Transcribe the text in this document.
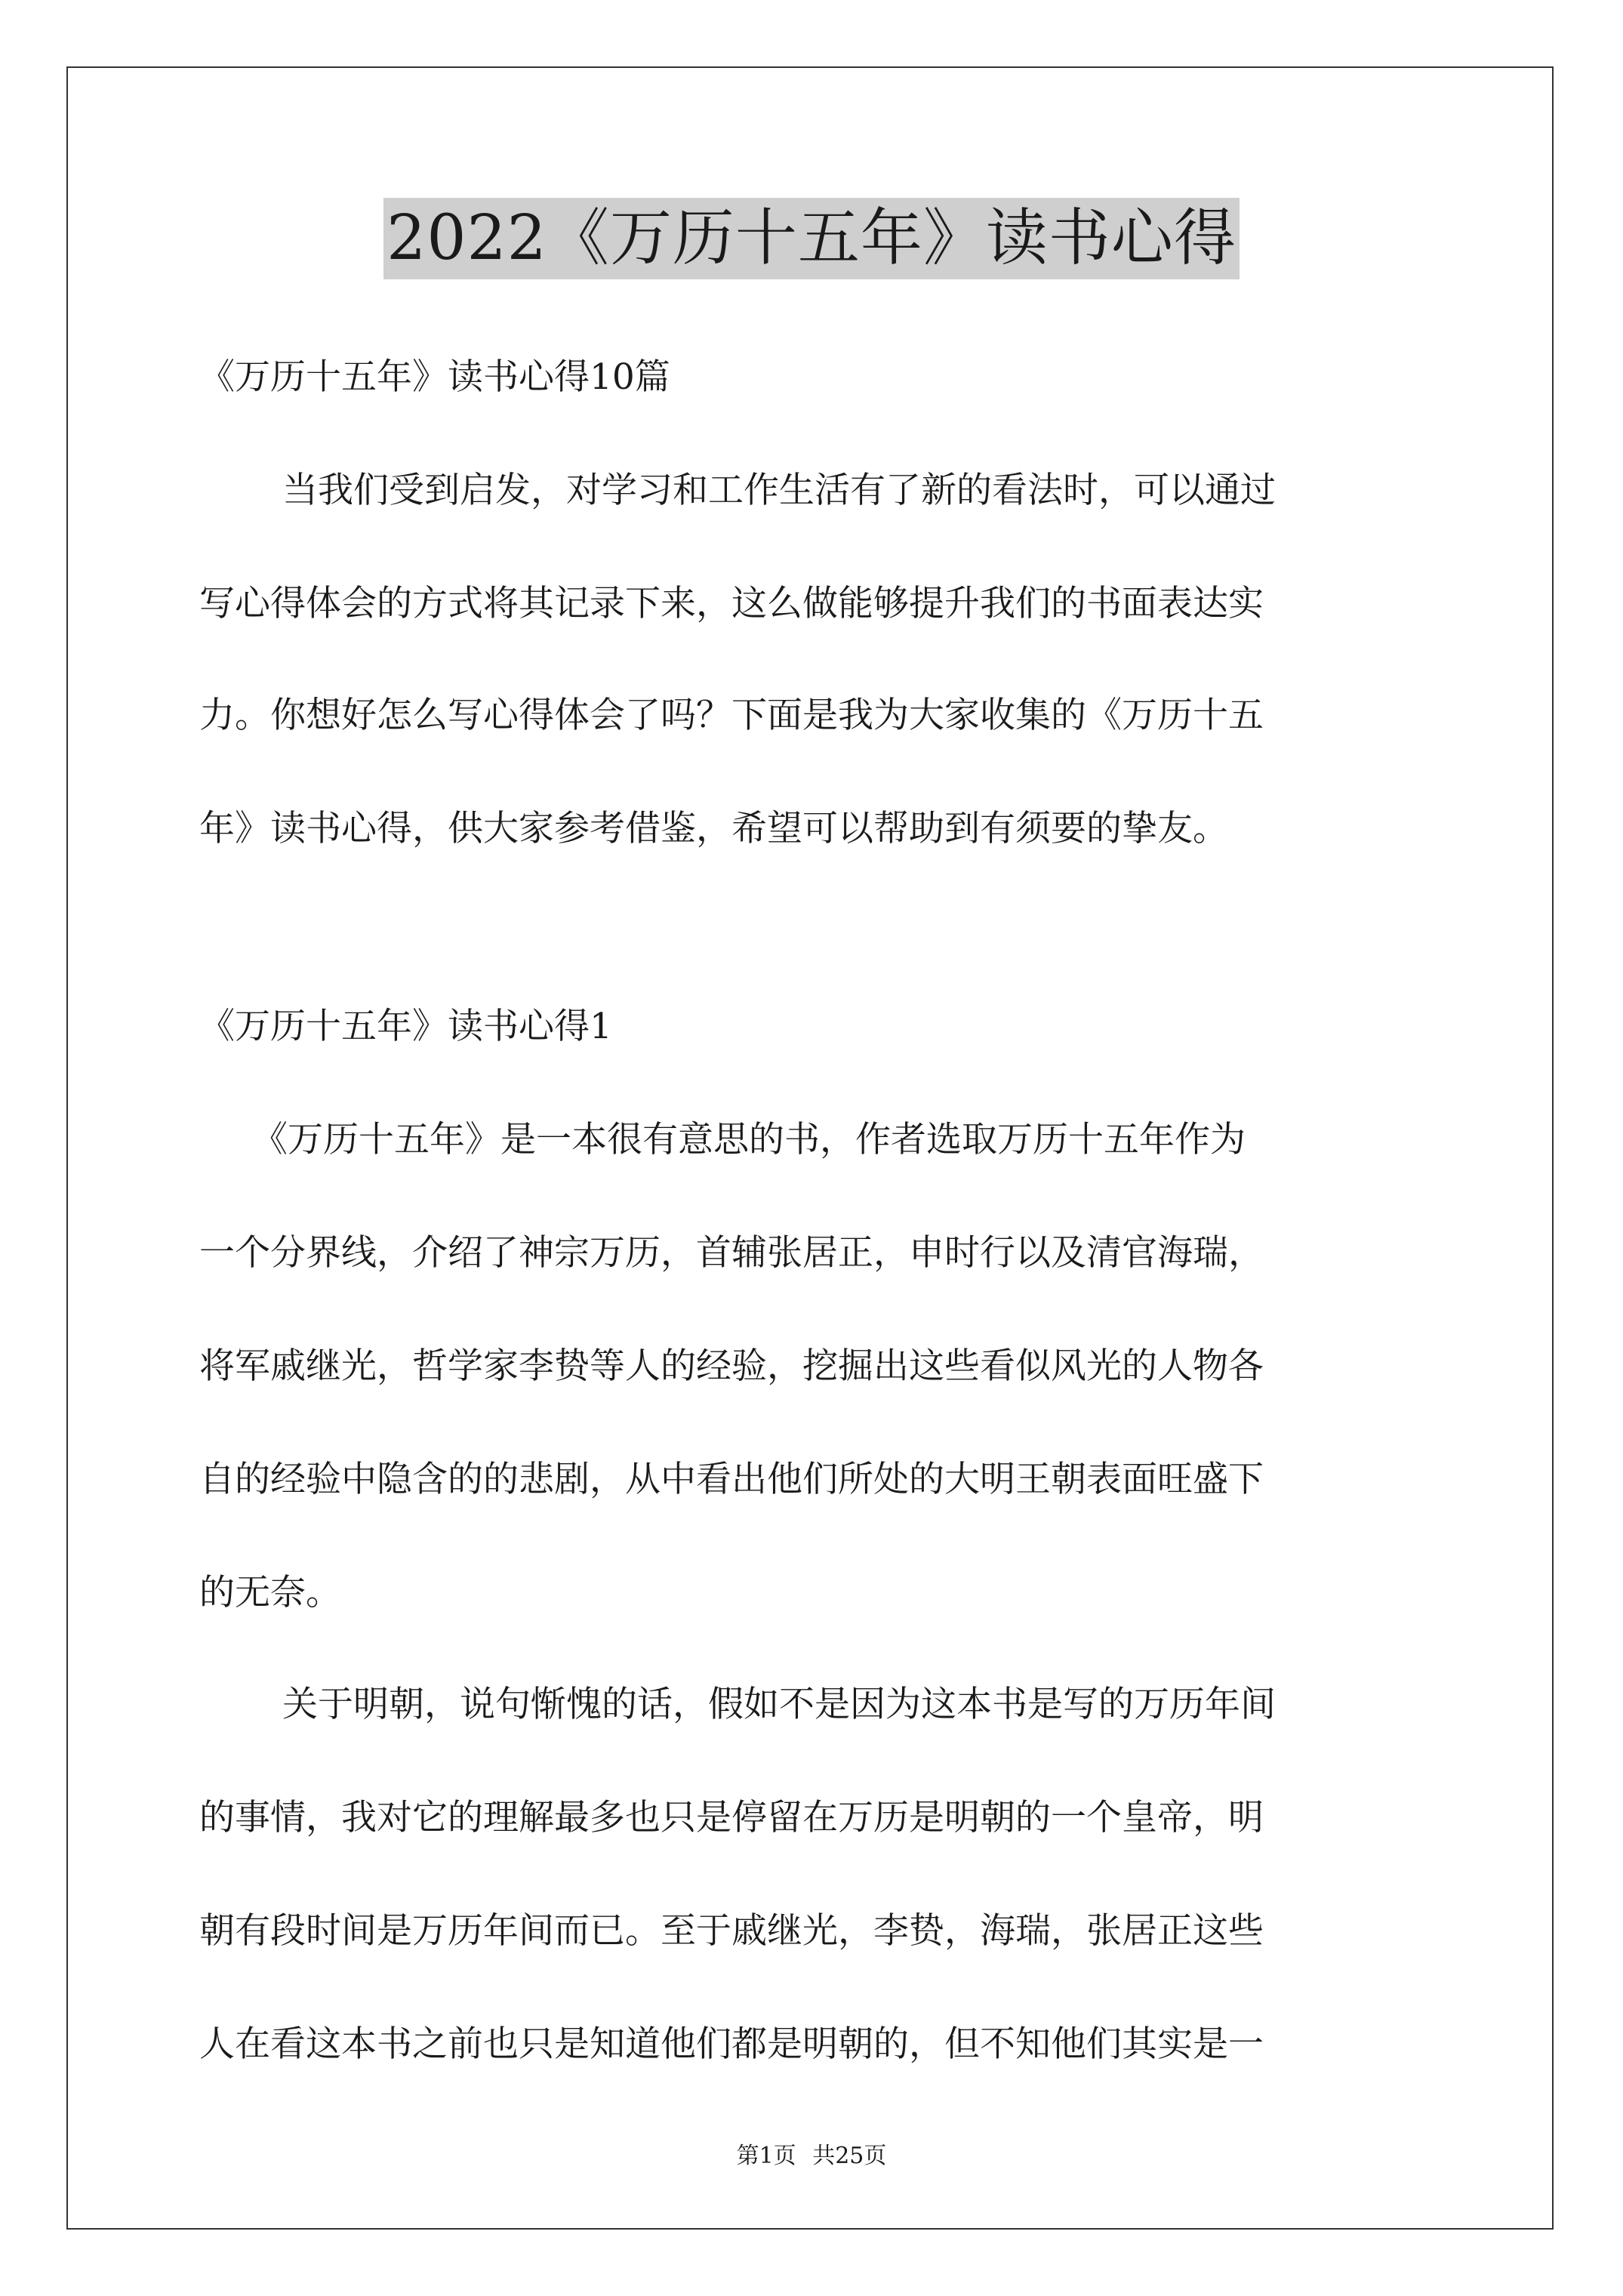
2022《万历十五年》读书心得
《万历十五年》读书心得10篇
当我们受到启发，对学习和工作生活有了新的看法时，可以通过
写心得体会的方式将其记录下来，这么做能够提升我们的书面表达实
力。你想好怎么写心得体会了吗？下面是我为大家收集的《万历十五
年》读书心得，供大家参考借鉴，希望可以帮助到有须要的挚友。
《万历十五年》读书心得1
《万历十五年》是一本很有意思的书，作者选取万历十五年作为
一个分界线，介绍了神宗万历，首辅张居正，申时行以及清官海瑞，
将军戚继光，哲学家李贽等人的经验，挖掘出这些看似风光的人物各
自的经验中隐含的的悲剧，从中看出他们所处的大明王朝表面旺盛下
的无奈。
关于明朝，说句惭愧的话，假如不是因为这本书是写的万历年间
的事情，我对它的理解最多也只是停留在万历是明朝的一个皇帝，明
朝有段时间是万历年间而已。至于戚继光，李贽，海瑞，张居正这些
人在看这本书之前也只是知道他们都是明朝的，但不知他们其实是一
第1页 共25页
